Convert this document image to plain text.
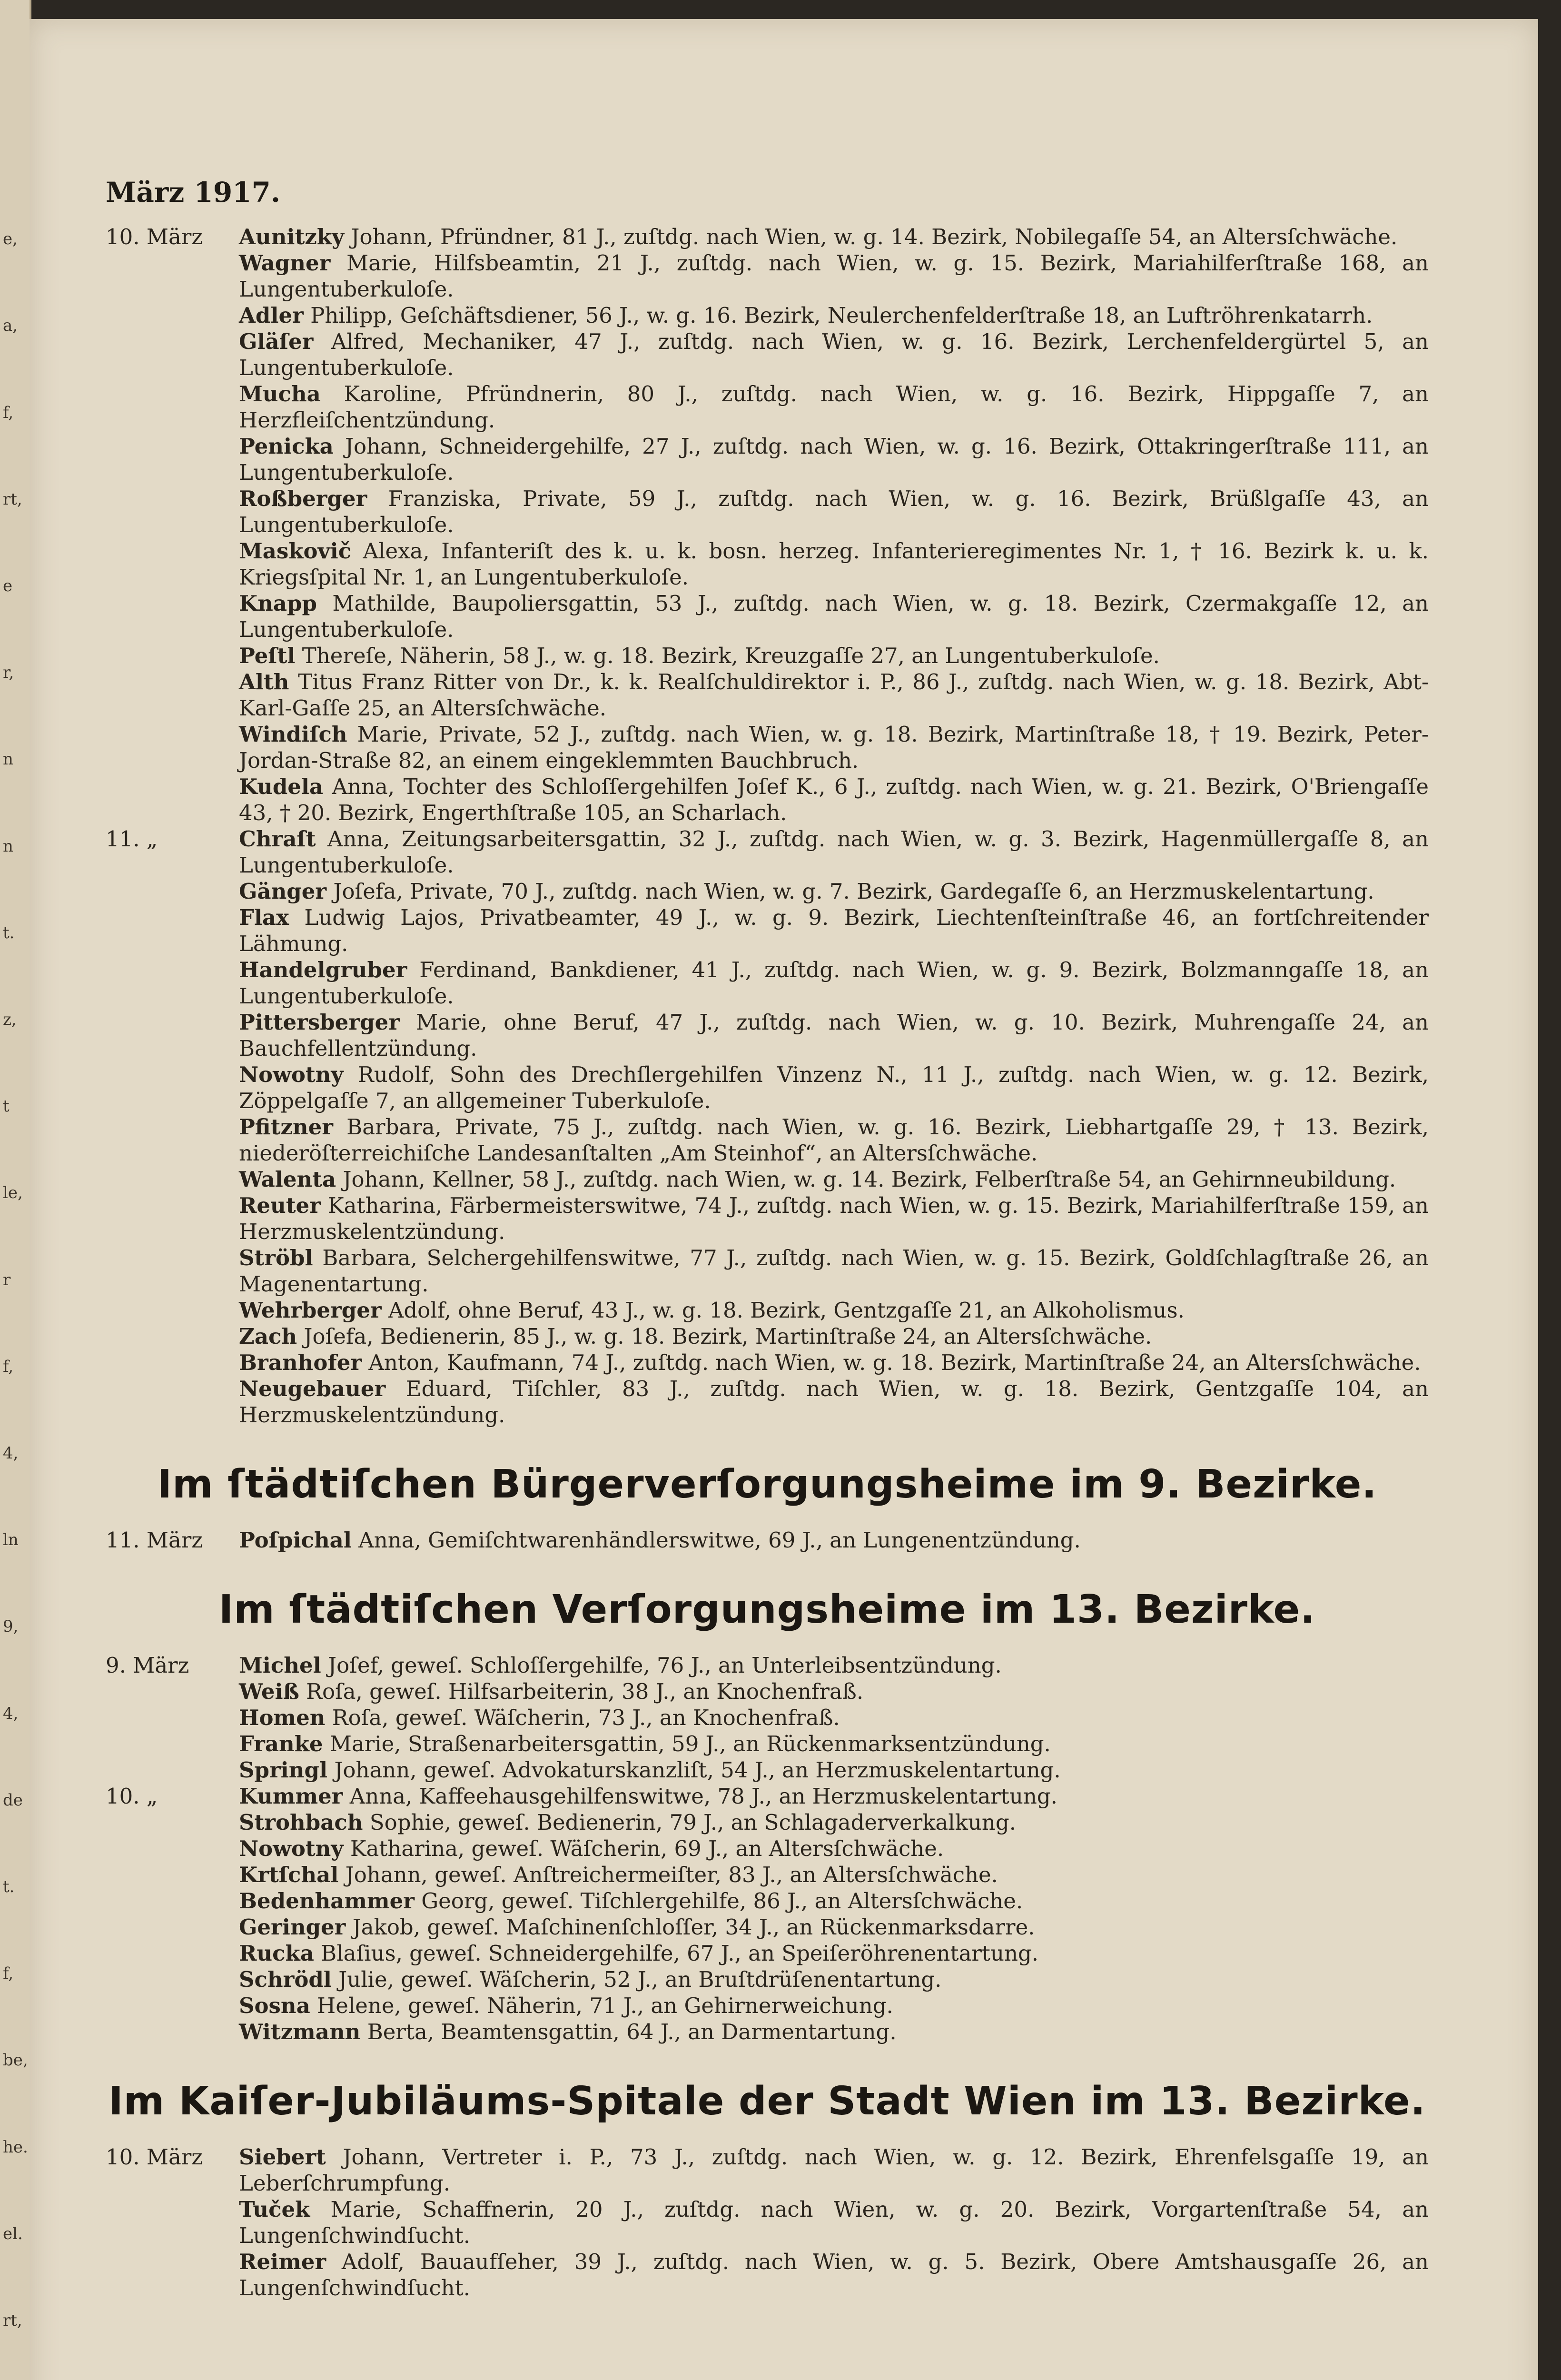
e,
a,
f,
rt,
e
r,
n
n
t.
z,
t
le,
r
f,
4,
ln
9,
4,
de
t.
f,
be,
he.
el.
rt,
März 1917.
10. März	Aunitzky Johann, Pfründner, 81 J., zuſtdg. nach Wien, w. g. 14. Bezirk, Nobilegaſſe 54, an Altersſchwäche.
Wagner Marie, Hilfsbeamtin, 21 J., zuſtdg. nach Wien, w. g. 15. Bezirk, Mariahilferſtraße 168, an Lungentuberkuloſe.
Adler Philipp, Geſchäftsdiener, 56 J., w. g. 16. Bezirk, Neulerchenfelderſtraße 18, an Luftröhrenkatarrh.
Gläſer Alfred, Mechaniker, 47 J., zuſtdg. nach Wien, w. g. 16. Bezirk, Lerchenfeldergürtel 5, an Lungentuberkuloſe.
Mucha Karoline, Pfründnerin, 80 J., zuſtdg. nach Wien, w. g. 16. Bezirk, Hippgaſſe 7, an Herzfleiſchentzündung.
Penicka Johann, Schneidergehilfe, 27 J., zuſtdg. nach Wien, w. g. 16. Bezirk, Ottakringerſtraße 111, an Lungentuberkuloſe.
Roßberger Franziska, Private, 59 J., zuſtdg. nach Wien, w. g. 16. Bezirk, Brüßlgaſſe 43, an Lungentuberkuloſe.
Maskovič Alexa, Infanteriſt des k. u. k. bosn. herzeg. Infanterieregimentes Nr. 1, † 16. Bezirk k. u. k. Kriegsſpital Nr. 1, an Lungentuberkuloſe.
Knapp Mathilde, Baupoliersgattin, 53 J., zuſtdg. nach Wien, w. g. 18. Bezirk, Czermakgaſſe 12, an Lungentuberkuloſe.
Peſtl Thereſe, Näherin, 58 J., w. g. 18. Bezirk, Kreuzgaſſe 27, an Lungentuberkuloſe.
Alth Titus Franz Ritter von Dr., k. k. Realſchuldirektor i. P., 86 J., zuſtdg. nach Wien, w. g. 18. Bezirk, Abt-Karl-Gaſſe 25, an Altersſchwäche.
Windiſch Marie, Private, 52 J., zuſtdg. nach Wien, w. g. 18. Bezirk, Martinſtraße 18, † 19. Bezirk, Peter-Jordan-Straße 82, an einem eingeklemmten Bauchbruch.
Kudela Anna, Tochter des Schloſſergehilfen Joſef K., 6 J., zuſtdg. nach Wien, w. g. 21. Bezirk, O'Briengaſſe 43, † 20. Bezirk, Engerthſtraße 105, an Scharlach.
11. „	Chraſt Anna, Zeitungsarbeitersgattin, 32 J., zuſtdg. nach Wien, w. g. 3. Bezirk, Hagenmüllergaſſe 8, an Lungentuberkuloſe.
Gänger Joſefa, Private, 70 J., zuſtdg. nach Wien, w. g. 7. Bezirk, Gardegaſſe 6, an Herzmuskelentartung.
Flax Ludwig Lajos, Privatbeamter, 49 J., w. g. 9. Bezirk, Liechtenſteinſtraße 46, an fortſchreitender Lähmung.
Handelgruber Ferdinand, Bankdiener, 41 J., zuſtdg. nach Wien, w. g. 9. Bezirk, Bolzmanngaſſe 18, an Lungentuberkuloſe.
Pittersberger Marie, ohne Beruf, 47 J., zuſtdg. nach Wien, w. g. 10. Bezirk, Muhrengaſſe 24, an Bauchfellentzündung.
Nowotny Rudolf, Sohn des Drechſlergehilfen Vinzenz N., 11 J., zuſtdg. nach Wien, w. g. 12. Bezirk, Zöppelgaſſe 7, an allgemeiner Tuberkuloſe.
Pfitzner Barbara, Private, 75 J., zuſtdg. nach Wien, w. g. 16. Bezirk, Liebhartgaſſe 29, † 13. Bezirk, niederöſterreichiſche Landesanſtalten „Am Steinhof“, an Altersſchwäche.
Walenta Johann, Kellner, 58 J., zuſtdg. nach Wien, w. g. 14. Bezirk, Felberſtraße 54, an Gehirnneubildung.
Reuter Katharina, Färbermeisterswitwe, 74 J., zuſtdg. nach Wien, w. g. 15. Bezirk, Mariahilferſtraße 159, an Herzmuskelentzündung.
Ströbl Barbara, Selchergehilfenswitwe, 77 J., zuſtdg. nach Wien, w. g. 15. Bezirk, Goldſchlagſtraße 26, an Magenentartung.
Wehrberger Adolf, ohne Beruf, 43 J., w. g. 18. Bezirk, Gentzgaſſe 21, an Alkoholismus.
Zach Joſefa, Bedienerin, 85 J., w. g. 18. Bezirk, Martinſtraße 24, an Altersſchwäche.
Branhofer Anton, Kaufmann, 74 J., zuſtdg. nach Wien, w. g. 18. Bezirk, Martinſtraße 24, an Altersſchwäche.
Neugebauer Eduard, Tiſchler, 83 J., zuſtdg. nach Wien, w. g. 18. Bezirk, Gentzgaſſe 104, an Herzmuskelentzündung.
Im ſtädtiſchen Bürgerverſorgungsheime im 9. Bezirke.
11. März	Poſpichal Anna, Gemiſchtwarenhändlerswitwe, 69 J., an Lungenentzündung.
Im ſtädtiſchen Verſorgungsheime im 13. Bezirke.
9. März	Michel Joſef, geweſ. Schloſſergehilfe, 76 J., an Unterleibsentzündung.
Weiß Roſa, geweſ. Hilfsarbeiterin, 38 J., an Knochenfraß.
Homen Roſa, geweſ. Wäſcherin, 73 J., an Knochenfraß.
Franke Marie, Straßenarbeitersgattin, 59 J., an Rückenmarksentzündung.
Springl Johann, geweſ. Advokaturskanzliſt, 54 J., an Herzmuskelentartung.
10. „	Kummer Anna, Kaffeehausgehilfenswitwe, 78 J., an Herzmuskelentartung.
Strohbach Sophie, geweſ. Bedienerin, 79 J., an Schlagaderverkalkung.
Nowotny Katharina, geweſ. Wäſcherin, 69 J., an Altersſchwäche.
Krtſchal Johann, geweſ. Anſtreichermeiſter, 83 J., an Altersſchwäche.
Bedenhammer Georg, geweſ. Tiſchlergehilfe, 86 J., an Altersſchwäche.
Geringer Jakob, geweſ. Maſchinenſchloſſer, 34 J., an Rückenmarksdarre.
Rucka Blaſius, geweſ. Schneidergehilfe, 67 J., an Speiſeröhrenentartung.
Schrödl Julie, geweſ. Wäſcherin, 52 J., an Bruſtdrüſenentartung.
Sosna Helene, geweſ. Näherin, 71 J., an Gehirnerweichung.
Witzmann Berta, Beamtensgattin, 64 J., an Darmentartung.
Im Kaiſer-Jubiläums-Spitale der Stadt Wien im 13. Bezirke.
10. März	Siebert Johann, Vertreter i. P., 73 J., zuſtdg. nach Wien, w. g. 12. Bezirk, Ehrenfelsgaſſe 19, an Leberſchrumpfung.
Tuček Marie, Schaffnerin, 20 J., zuſtdg. nach Wien, w. g. 20. Bezirk, Vorgartenſtraße 54, an Lungenſchwindſucht.
Reimer Adolf, Bauaufſeher, 39 J., zuſtdg. nach Wien, w. g. 5. Bezirk, Obere Amtshausgaſſe 26, an Lungenſchwindſucht.
